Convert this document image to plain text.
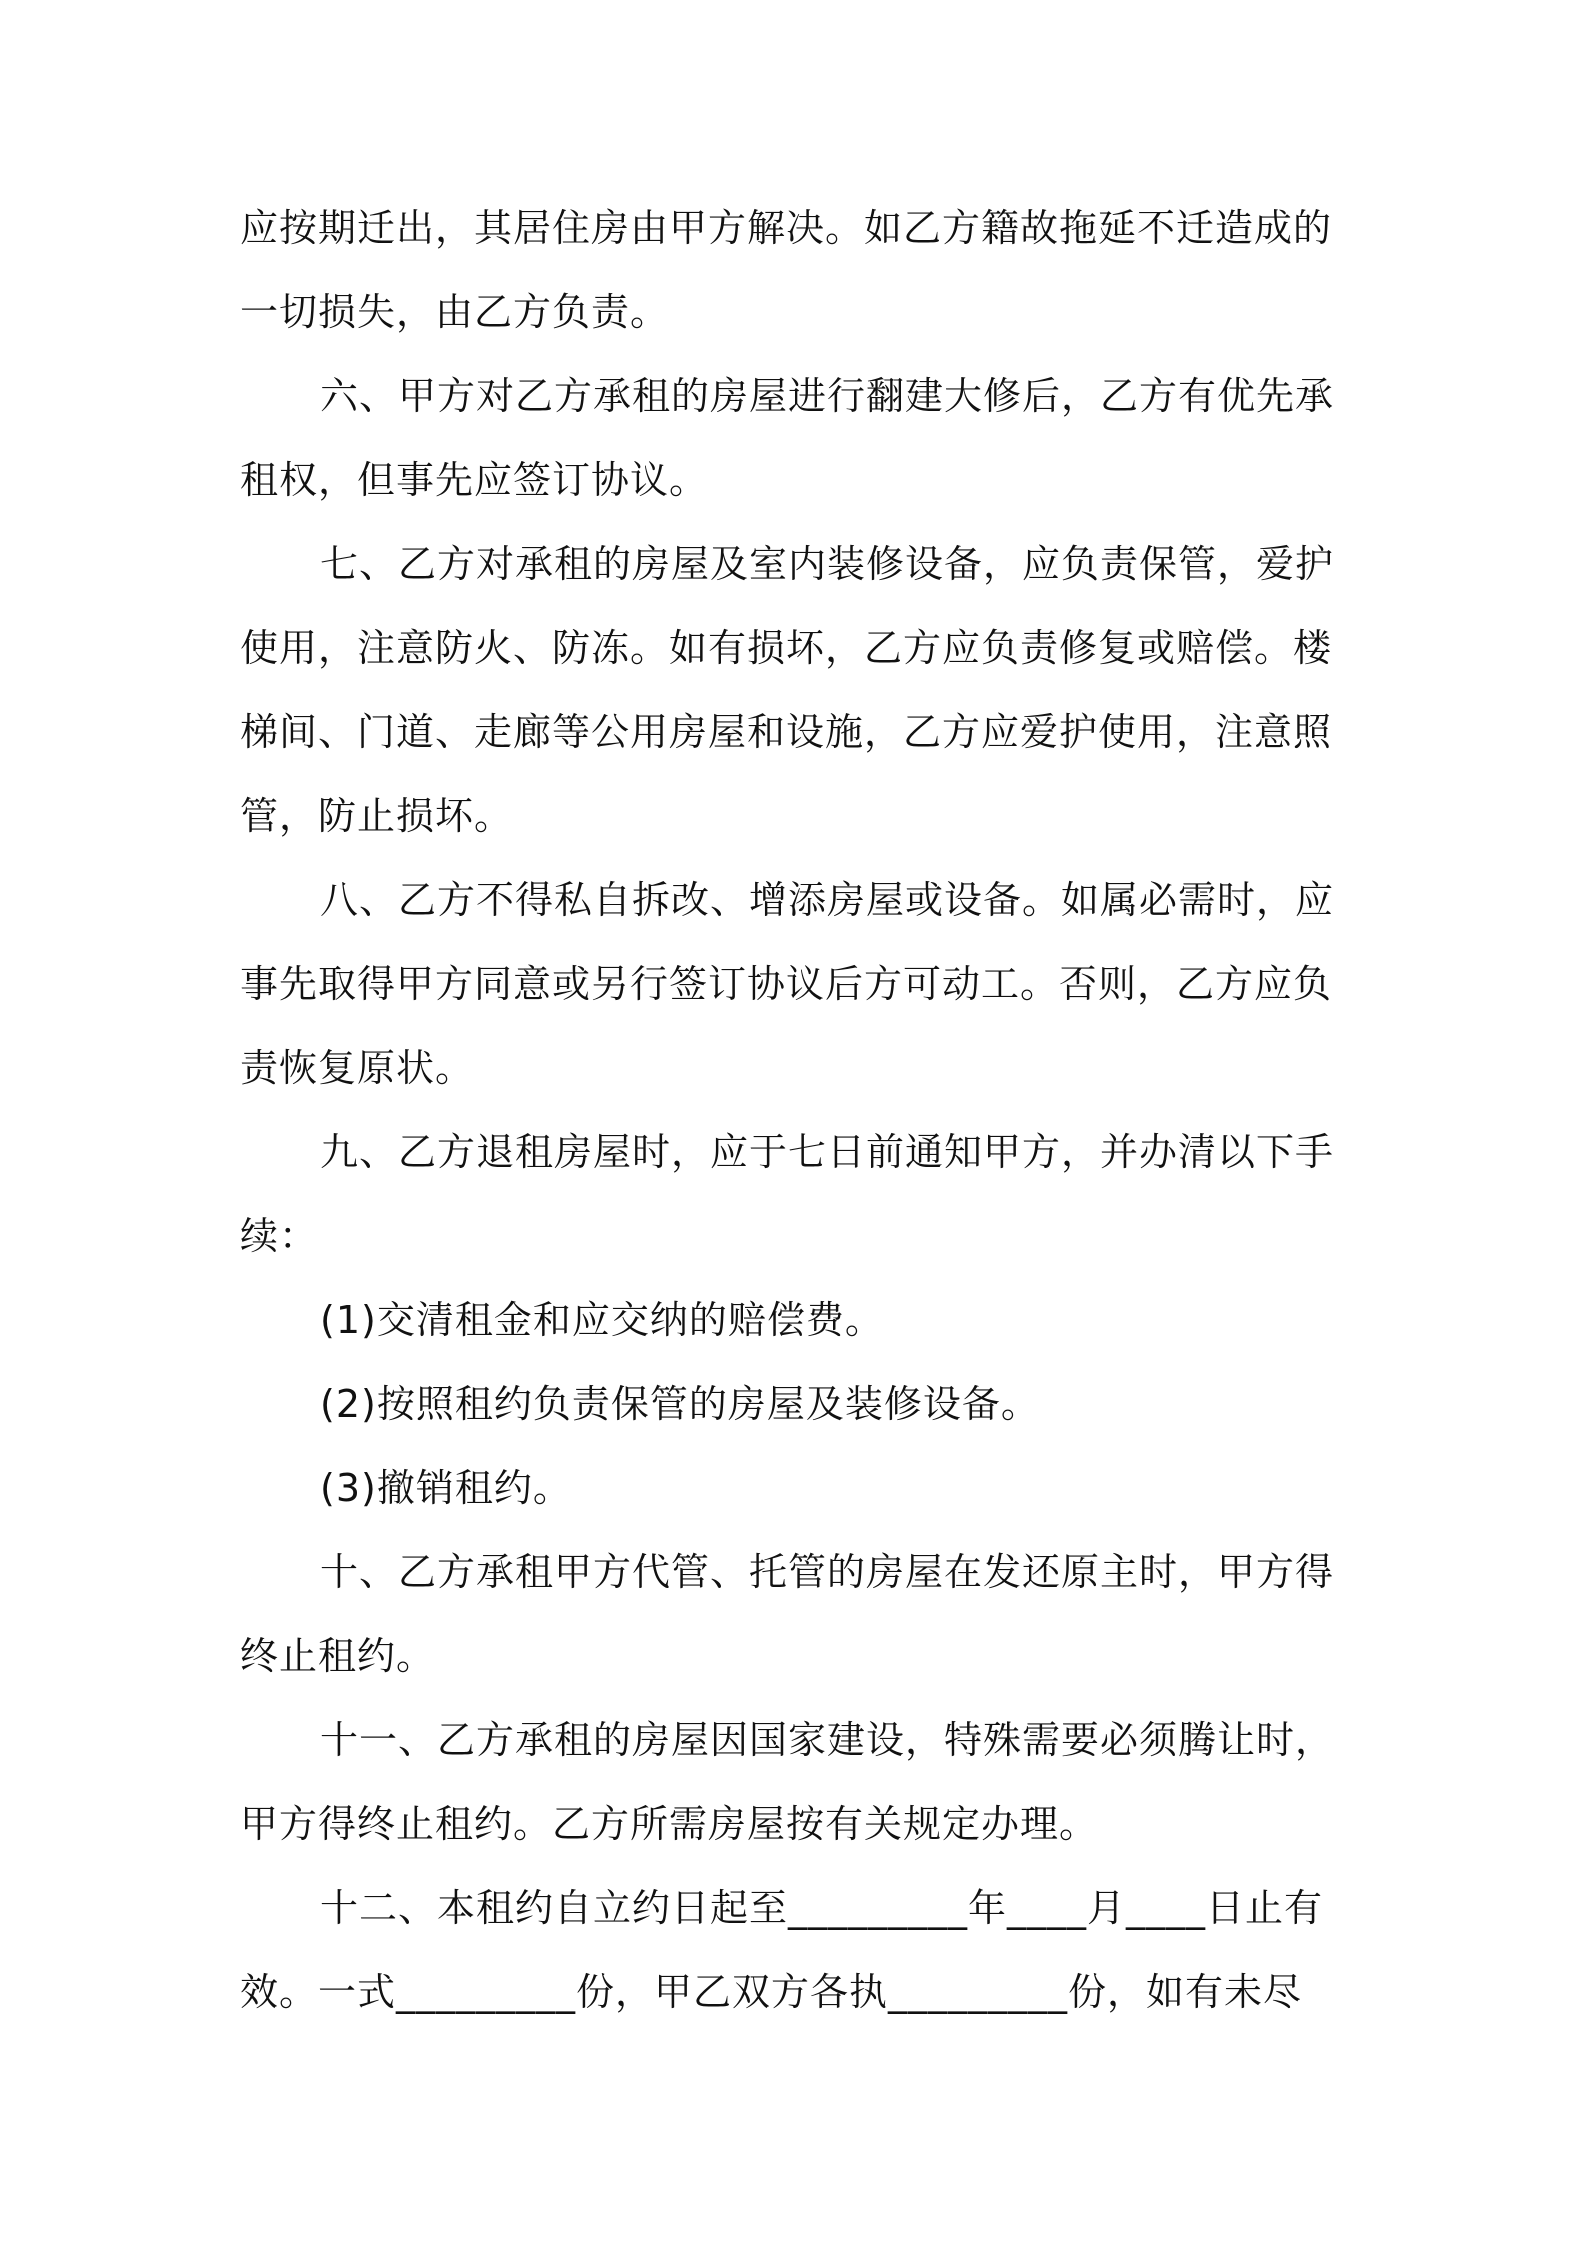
应按期迁出，其居住房由甲方解决。如乙方籍故拖延不迁造成的
一切损失，由乙方负责。
六、甲方对乙方承租的房屋进行翻建大修后，乙方有优先承
租权，但事先应签订协议。
七、乙方对承租的房屋及室内装修设备，应负责保管，爱护
使用，注意防火、防冻。如有损坏，乙方应负责修复或赔偿。楼
梯间、门道、走廊等公用房屋和设施，乙方应爱护使用，注意照
管，防止损坏。
八、乙方不得私自拆改、增添房屋或设备。如属必需时，应
事先取得甲方同意或另行签订协议后方可动工。否则，乙方应负
责恢复原状。
九、乙方退租房屋时，应于七日前通知甲方，并办清以下手
续：
(1)交清租金和应交纳的赔偿费。
(2)按照租约负责保管的房屋及装修设备。
(3)撤销租约。
十、乙方承租甲方代管、托管的房屋在发还原主时，甲方得
终止租约。
十一、乙方承租的房屋因国家建设，特殊需要必须腾让时，
甲方得终止租约。乙方所需房屋按有关规定办理。
十二、本租约自立约日起至_________年____月____日止有
效。一式_________份，甲乙双方各执_________份，如有未尽
